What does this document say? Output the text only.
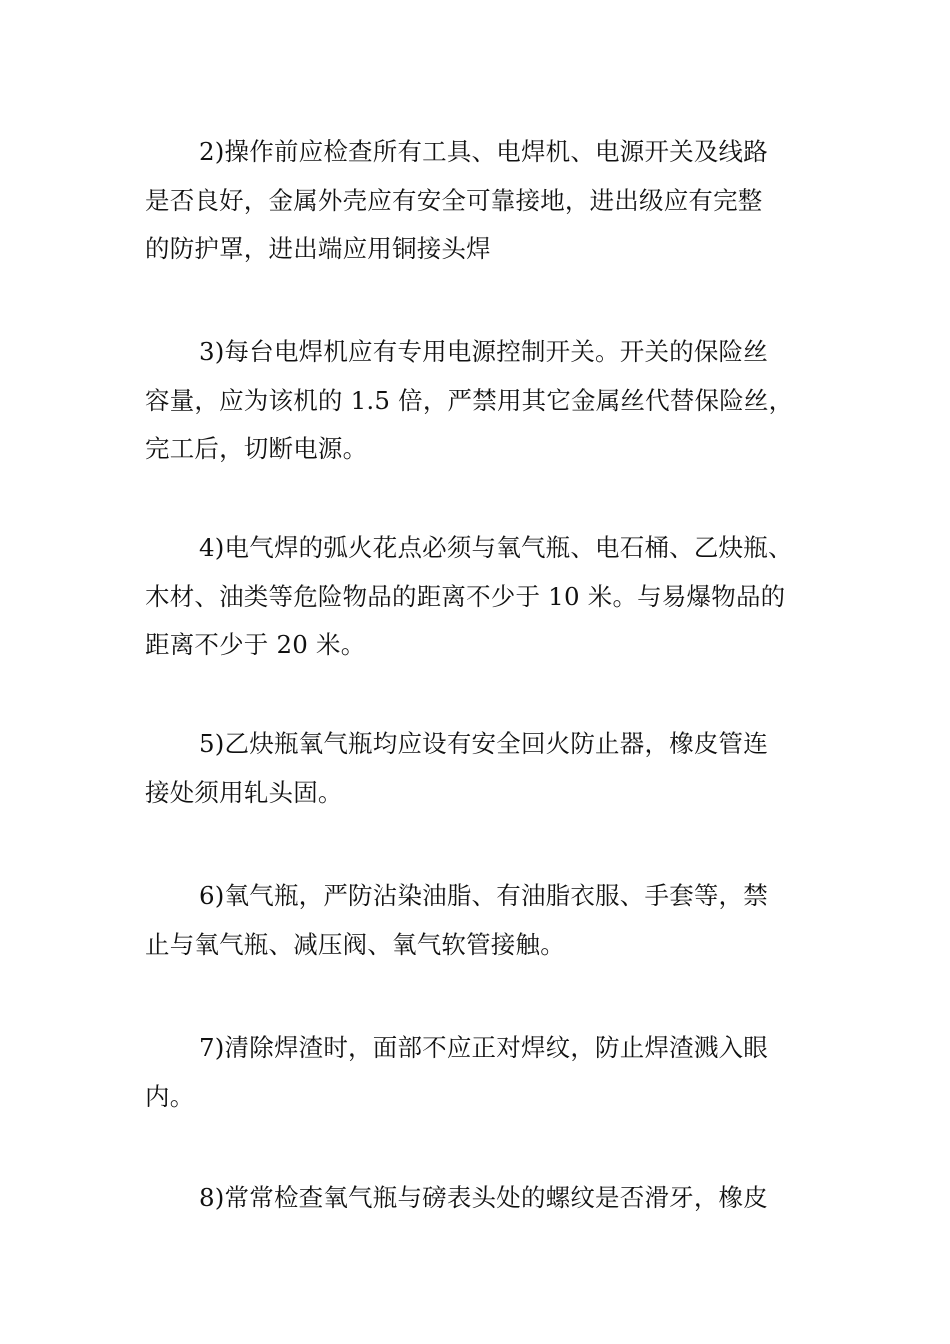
2)操作前应检查所有工具、电焊机、电源开关及线路
是否良好，金属外壳应有安全可靠接地，进出级应有完整
的防护罩，进出端应用铜接头焊
3)每台电焊机应有专用电源控制开关。开关的保险丝
容量，应为该机的 1.5 倍，严禁用其它金属丝代替保险丝，
完工后，切断电源。
4)电气焊的弧火花点必须与氧气瓶、电石桶、乙炔瓶、
木材、油类等危险物品的距离不少于 10 米。与易爆物品的
距离不少于 20 米。
5)乙炔瓶氧气瓶均应设有安全回火防止器，橡皮管连
接处须用轧头固。
6)氧气瓶，严防沾染油脂、有油脂衣服、手套等，禁
止与氧气瓶、减压阀、氧气软管接触。
7)清除焊渣时，面部不应正对焊纹，防止焊渣溅入眼
内。
8)常常检查氧气瓶与磅表头处的螺纹是否滑牙，橡皮
